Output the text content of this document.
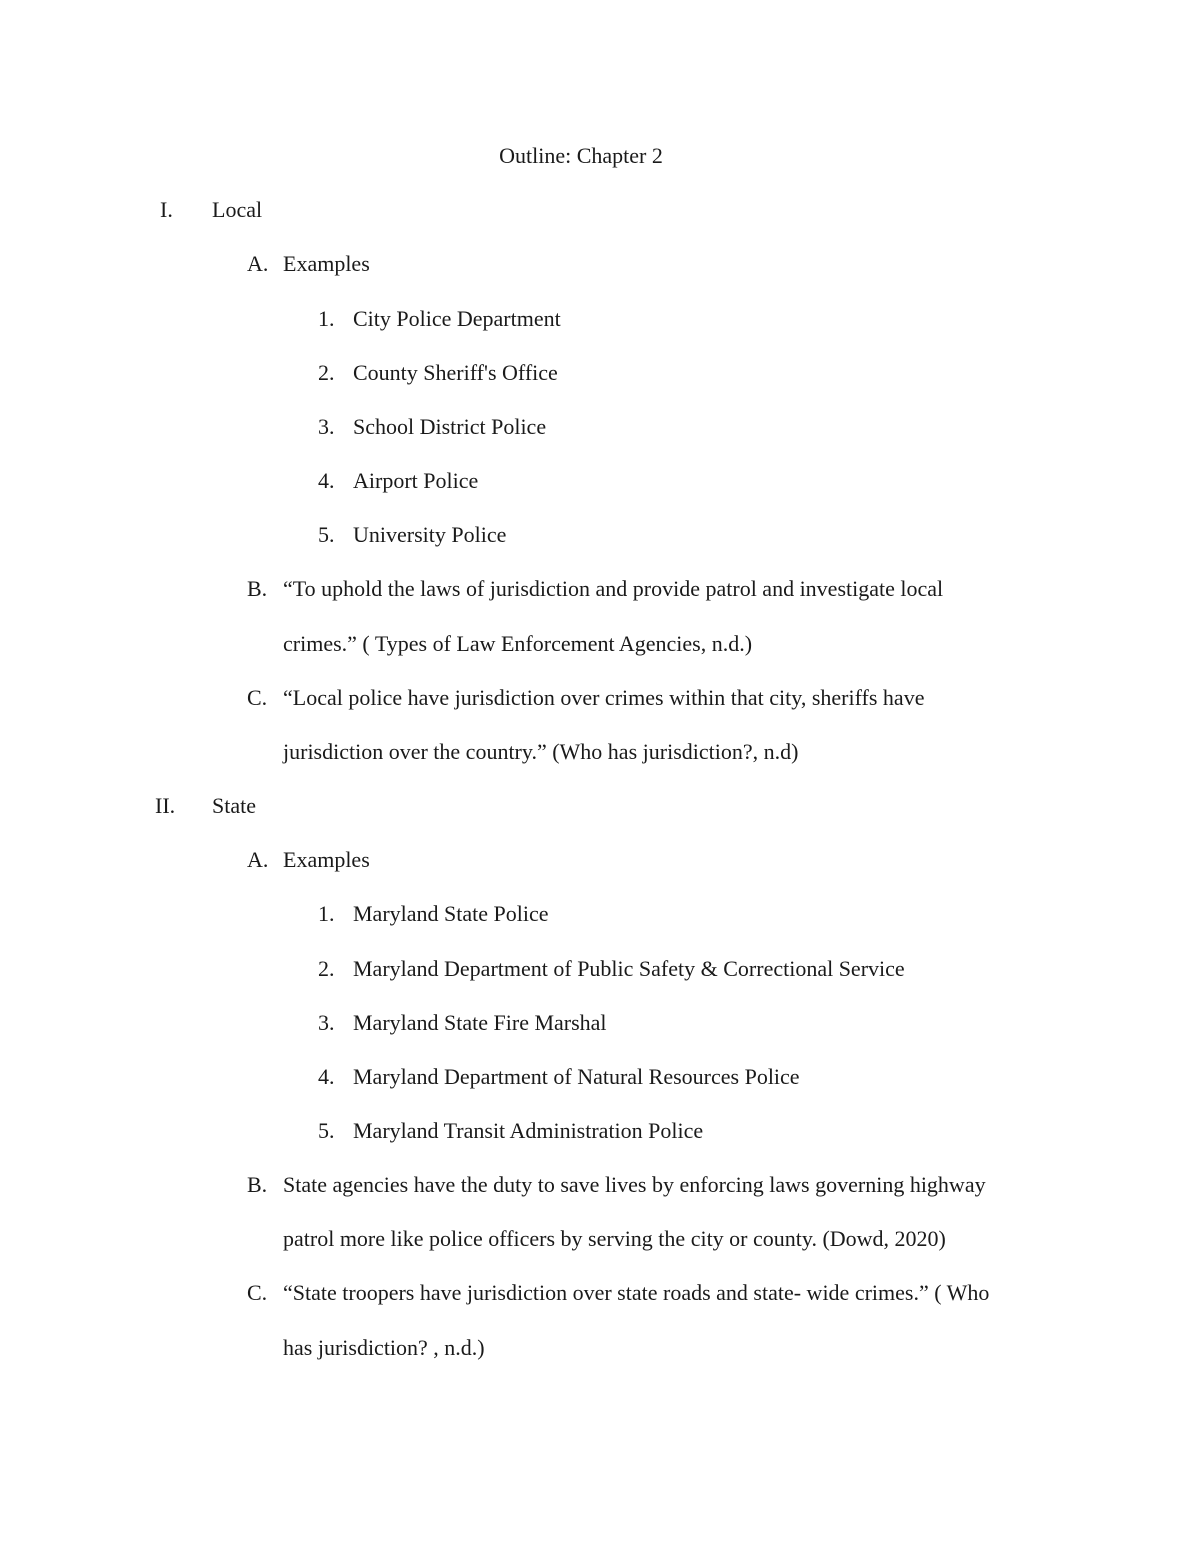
Outline: Chapter 2
I. Local
A. Examples
1. City Police Department
2. County Sheriff's Office
3. School District Police
4. Airport Police
5. University Police
B. “To uphold the laws of jurisdiction and provide patrol and investigate local
crimes.” ( Types of Law Enforcement Agencies, n.d.)
C. “Local police have jurisdiction over crimes within that city, sheriffs have
jurisdiction over the country.” (Who has jurisdiction?, n.d)
II. State
A. Examples
1. Maryland State Police
2. Maryland Department of Public Safety & Correctional Service
3. Maryland State Fire Marshal
4. Maryland Department of Natural Resources Police
5. Maryland Transit Administration Police
B. State agencies have the duty to save lives by enforcing laws governing highway
patrol more like police officers by serving the city or county. (Dowd, 2020)
C. “State troopers have jurisdiction over state roads and state- wide crimes.” ( Who
has jurisdiction? , n.d.)
